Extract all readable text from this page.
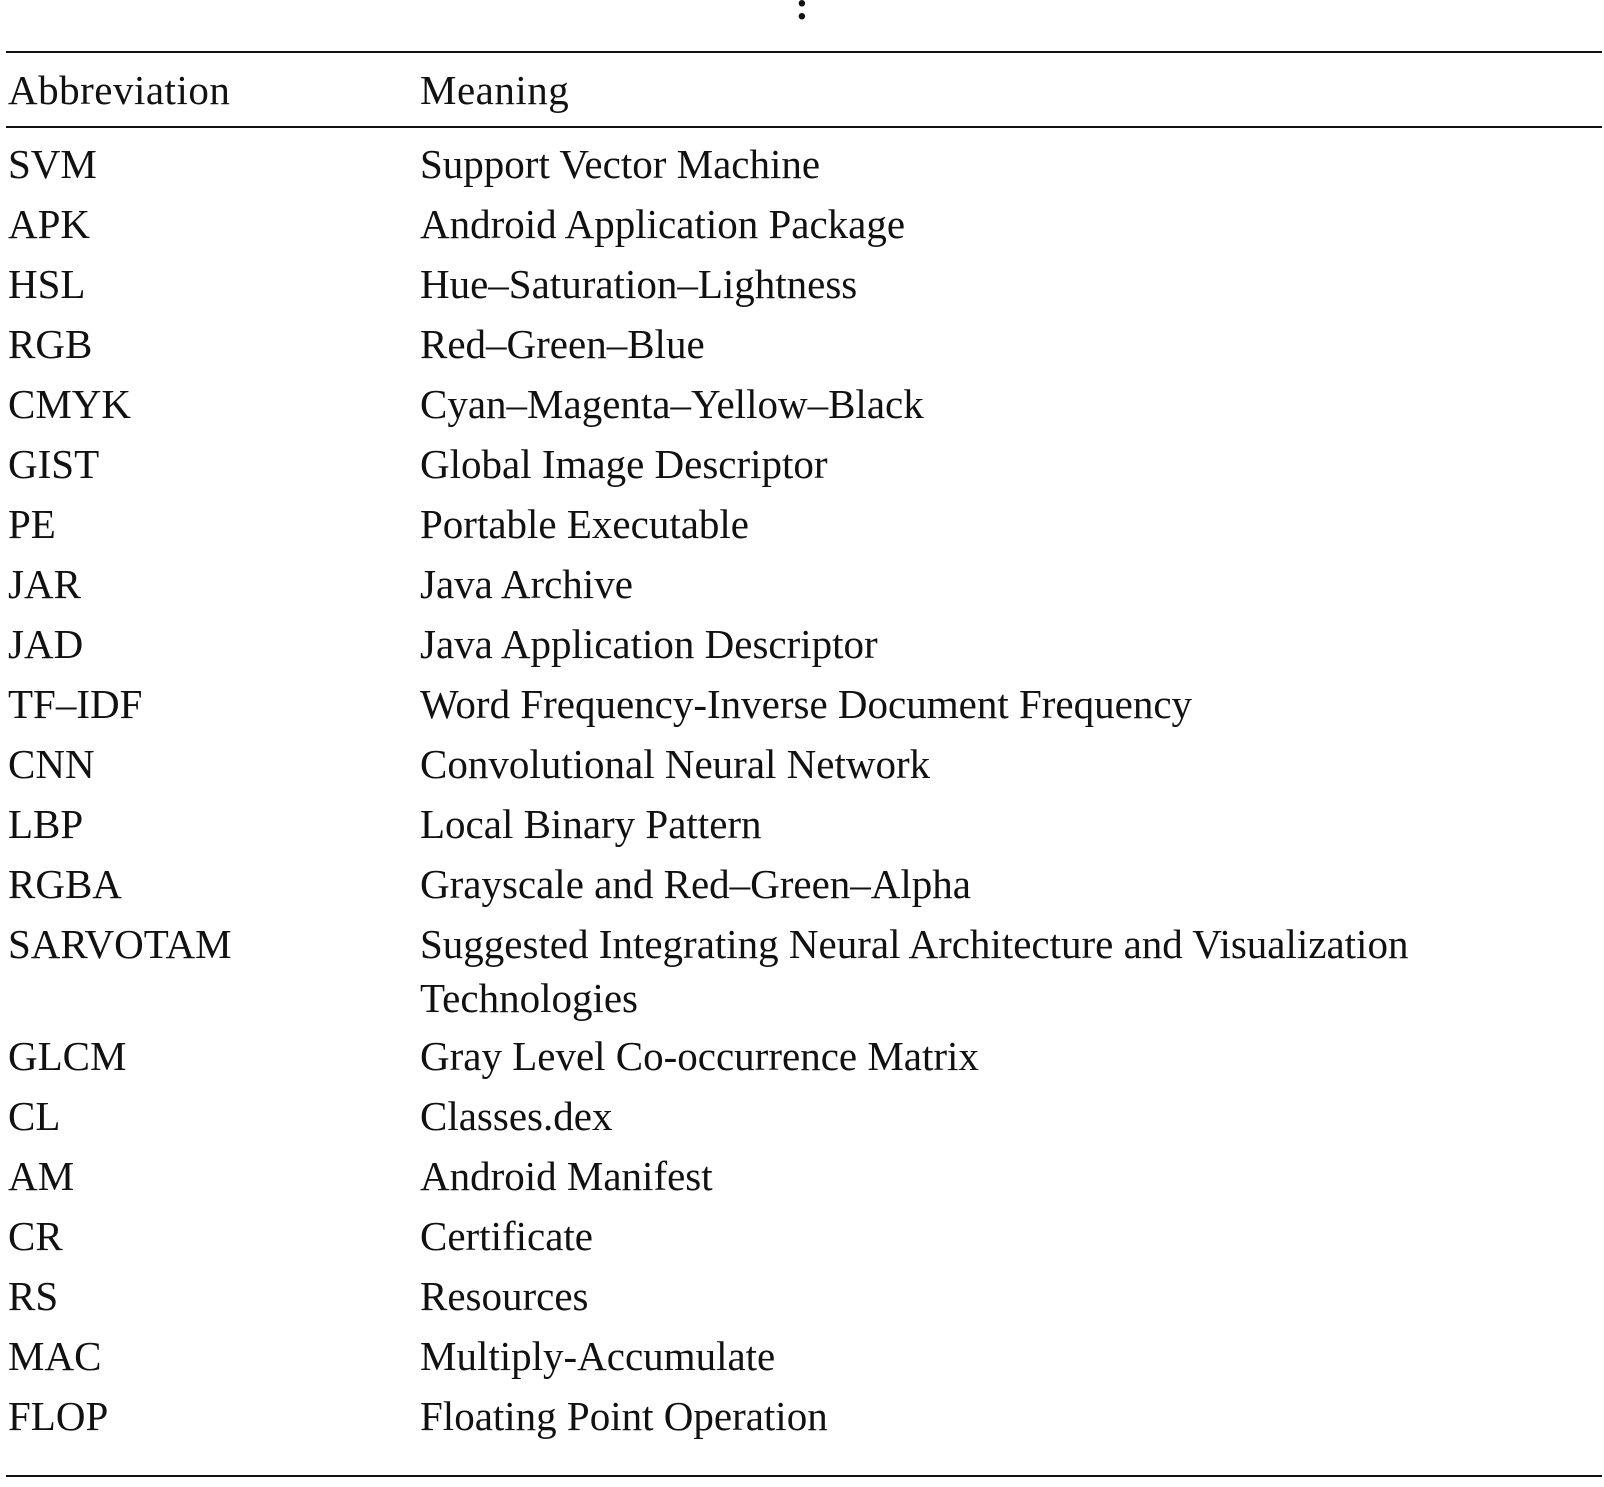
:
Abbreviation	Meaning
SVM	Support Vector Machine
APK	Android Application Package
HSL	Hue–Saturation–Lightness
RGB	Red–Green–Blue
CMYK	Cyan–Magenta–Yellow–Black
GIST	Global Image Descriptor
PE	Portable Executable
JAR	Java Archive
JAD	Java Application Descriptor
TF–IDF	Word Frequency-Inverse Document Frequency
CNN	Convolutional Neural Network
LBP	Local Binary Pattern
RGBA	Grayscale and Red–Green–Alpha
SARVOTAM	Suggested Integrating Neural Architecture and Visualization Technologies
GLCM	Gray Level Co-occurrence Matrix
CL	Classes.dex
AM	Android Manifest
CR	Certificate
RS	Resources
MAC	Multiply-Accumulate
FLOP	Floating Point Operation
